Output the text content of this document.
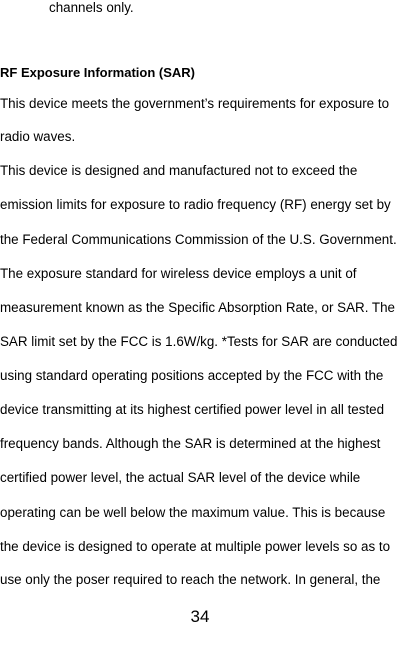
channels only.
RF Exposure Information (SAR)
This device meets the government’s requirements for exposure to
radio waves.
This device is designed and manufactured not to exceed the
emission limits for exposure to radio frequency (RF) energy set by
the Federal Communications Commission of the U.S. Government.
The exposure standard for wireless device employs a unit of
measurement known as the Specific Absorption Rate, or SAR. The
SAR limit set by the FCC is 1.6W/kg. *Tests for SAR are conducted
using standard operating positions accepted by the FCC with the
device transmitting at its highest certified power level in all tested
frequency bands. Although the SAR is determined at the highest
certified power level, the actual SAR level of the device while
operating can be well below the maximum value. This is because
the device is designed to operate at multiple power levels so as to
use only the poser required to reach the network. In general, the
34
